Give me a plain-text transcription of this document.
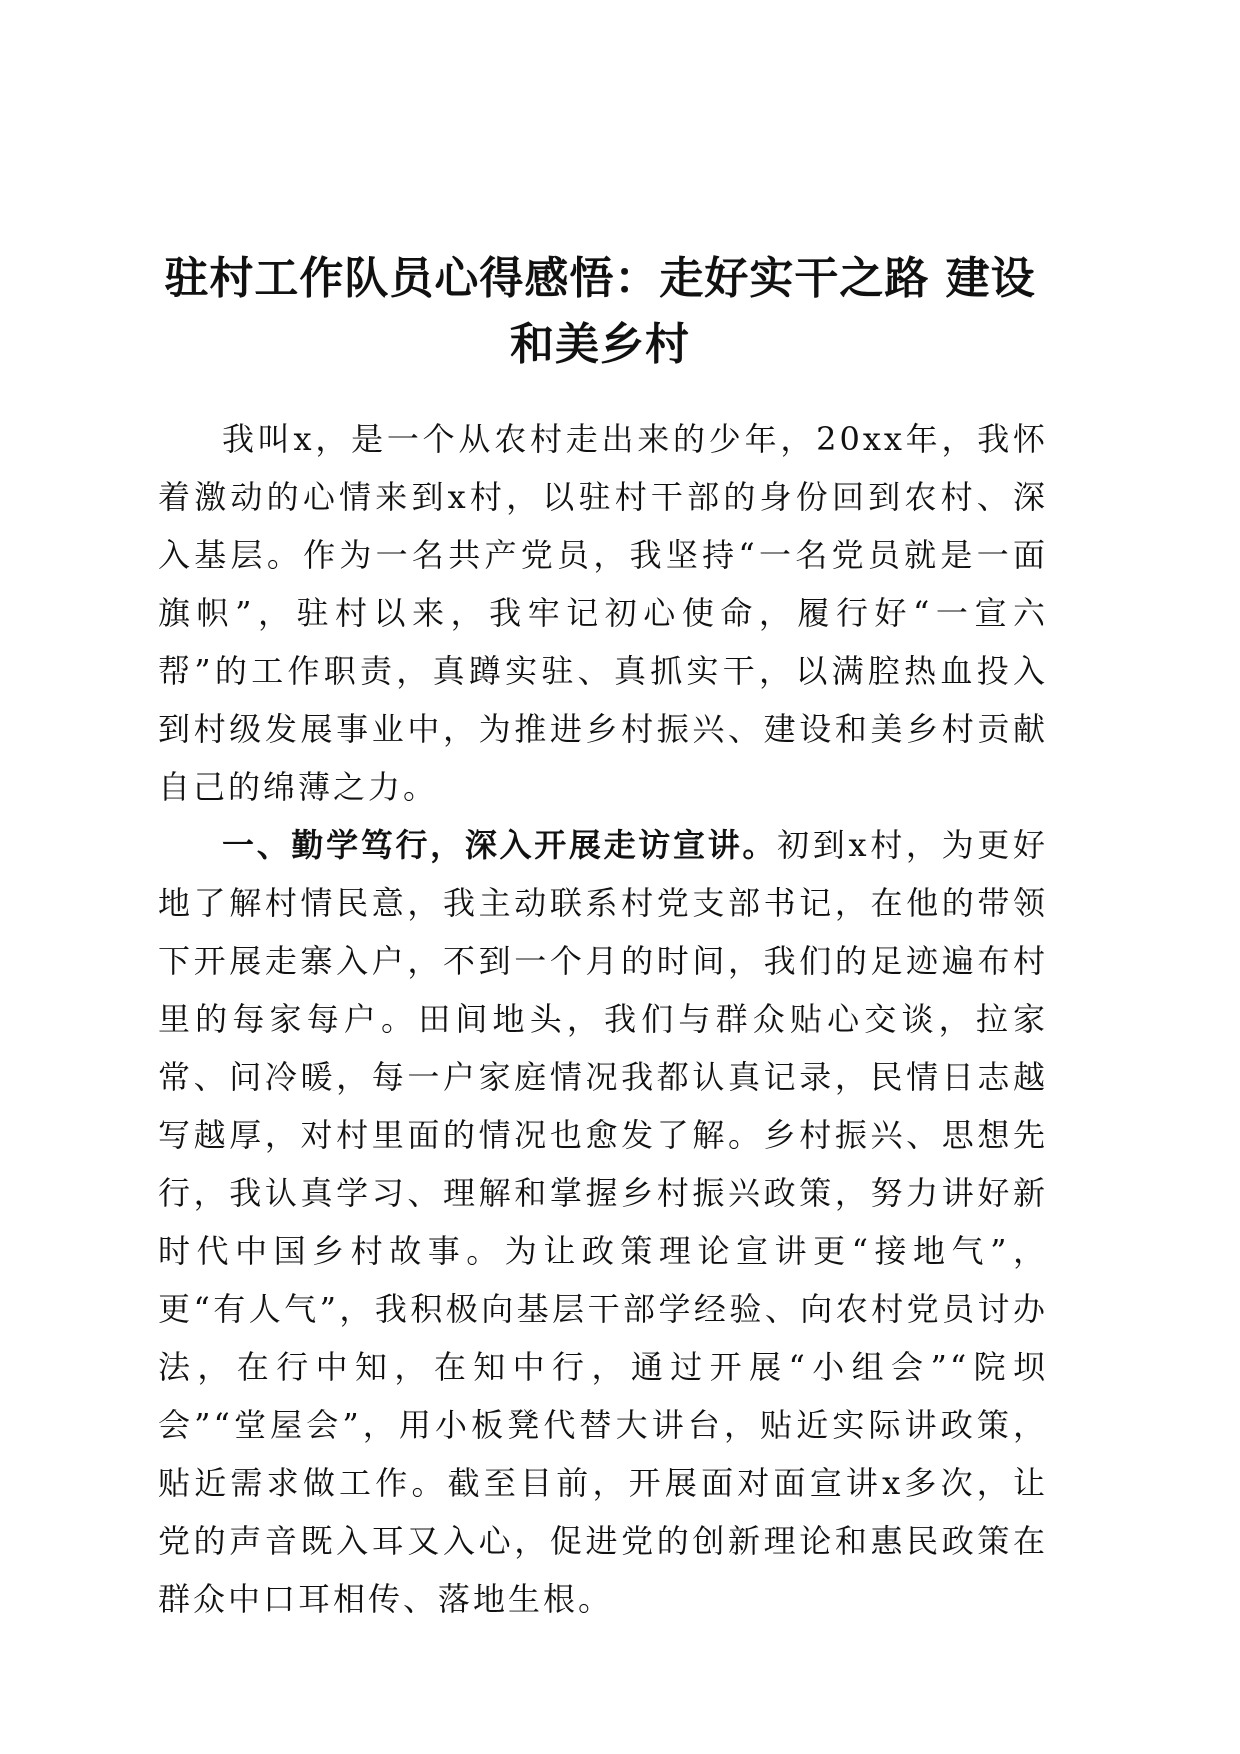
驻村工作队员心得感悟：走好实干之路 建设
和美乡村

我叫x，是一个从农村走出来的少年，20xx年，我怀着激动的心情来到x村，以驻村干部的身份回到农村、深入基层。作为一名共产党员，我坚持“一名党员就是一面旗帜”，驻村以来，我牢记初心使命，履行好“一宣六帮”的工作职责，真蹲实驻、真抓实干，以满腔热血投入到村级发展事业中，为推进乡村振兴、建设和美乡村贡献自己的绵薄之力。

一、勤学笃行，深入开展走访宣讲。初到x村，为更好地了解村情民意，我主动联系村党支部书记，在他的带领下开展走寨入户，不到一个月的时间，我们的足迹遍布村里的每家每户。田间地头，我们与群众贴心交谈，拉家常、问冷暖，每一户家庭情况我都认真记录，民情日志越写越厚，对村里面的情况也愈发了解。乡村振兴、思想先行，我认真学习、理解和掌握乡村振兴政策，努力讲好新时代中国乡村故事。为让政策理论宣讲更“接地气”，更“有人气”，我积极向基层干部学经验、向农村党员讨办法，在行中知，在知中行，通过开展“小组会”“院坝会”“堂屋会”，用小板凳代替大讲台，贴近实际讲政策，贴近需求做工作。截至目前，开展面对面宣讲x多次，让党的声音既入耳又入心，促进党的创新理论和惠民政策在群众中口耳相传、落地生根。
